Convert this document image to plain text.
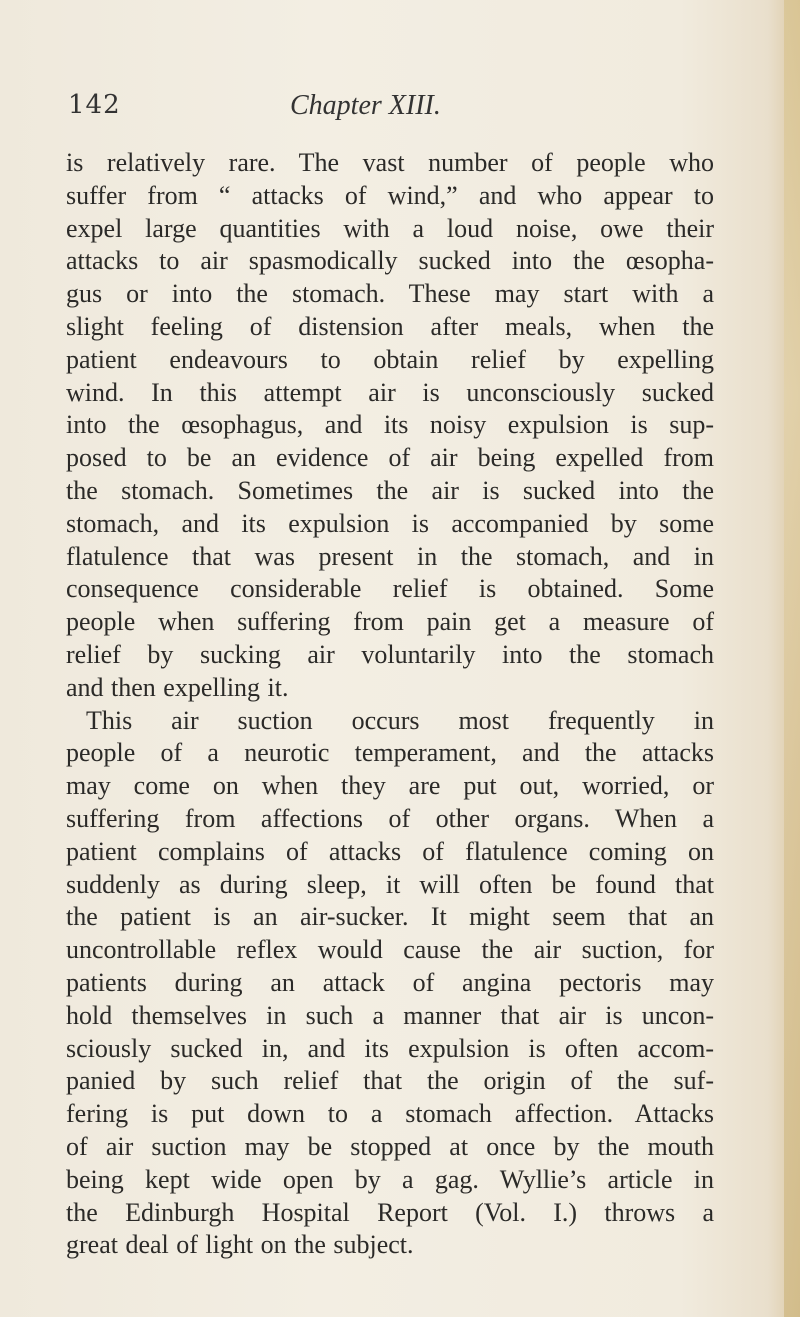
142	Chapter XIII.
is relatively rare. The vast number of people who
suffer from “ attacks of wind,” and who appear to
expel large quantities with a loud noise, owe their
attacks to air spasmodically sucked into the œsopha-
gus or into the stomach. These may start with a
slight feeling of distension after meals, when the
patient endeavours to obtain relief by expelling
wind. In this attempt air is unconsciously sucked
into the œsophagus, and its noisy expulsion is sup-
posed to be an evidence of air being expelled from
the stomach. Sometimes the air is sucked into the
stomach, and its expulsion is accompanied by some
flatulence that was present in the stomach, and in
consequence considerable relief is obtained. Some
people when suffering from pain get a measure of
relief by sucking air voluntarily into the stomach
and then expelling it.
This air suction occurs most frequently in
people of a neurotic temperament, and the attacks
may come on when they are put out, worried, or
suffering from affections of other organs. When a
patient complains of attacks of flatulence coming on
suddenly as during sleep, it will often be found that
the patient is an air-sucker. It might seem that an
uncontrollable reflex would cause the air suction, for
patients during an attack of angina pectoris may
hold themselves in such a manner that air is uncon-
sciously sucked in, and its expulsion is often accom-
panied by such relief that the origin of the suf-
fering is put down to a stomach affection. Attacks
of air suction may be stopped at once by the mouth
being kept wide open by a gag. Wyllie’s article in
the Edinburgh Hospital Report (Vol. I.) throws a
great deal of light on the subject.
